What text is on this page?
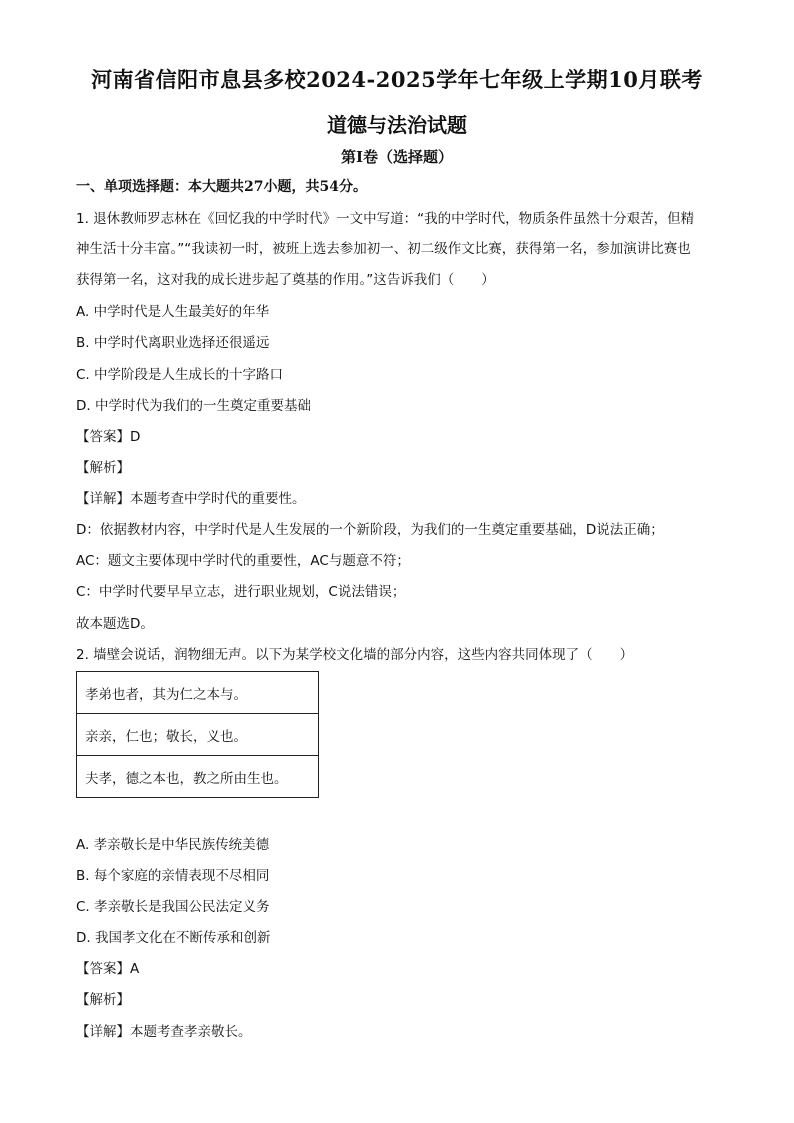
河南省信阳市息县多校2024-2025学年七年级上学期10月联考
道德与法治试题
第Ⅰ卷（选择题）
一、单项选择题：本大题共27小题，共54分。
1. 退休教师罗志林在《回忆我的中学时代》一文中写道：“我的中学时代，物质条件虽然十分艰苦，但精
神生活十分丰富。”“我读初一时，被班上选去参加初一、初二级作文比赛，获得第一名，参加演讲比赛也
获得第一名，这对我的成长进步起了奠基的作用。”这告诉我们（　　）
A. 中学时代是人生最美好的年华
B. 中学时代离职业选择还很遥远
C. 中学阶段是人生成长的十字路口
D. 中学时代为我们的一生奠定重要基础
【答案】D
【解析】
【详解】本题考查中学时代的重要性。
D：依据教材内容，中学时代是人生发展的一个新阶段，为我们的一生奠定重要基础，D说法正确；
AC：题文主要体现中学时代的重要性，AC与题意不符；
C：中学时代要早早立志，进行职业规划，C说法错误；
故本题选D。
2. 墙壁会说话，润物细无声。以下为某学校文化墙的部分内容，这些内容共同体现了（　　）
孝弟也者，其为仁之本与。
亲亲，仁也；敬长，义也。
夫孝，德之本也，教之所由生也。
A. 孝亲敬长是中华民族传统美德
B. 每个家庭的亲情表现不尽相同
C. 孝亲敬长是我国公民法定义务
D. 我国孝文化在不断传承和创新
【答案】A
【解析】
【详解】本题考查孝亲敬长。
